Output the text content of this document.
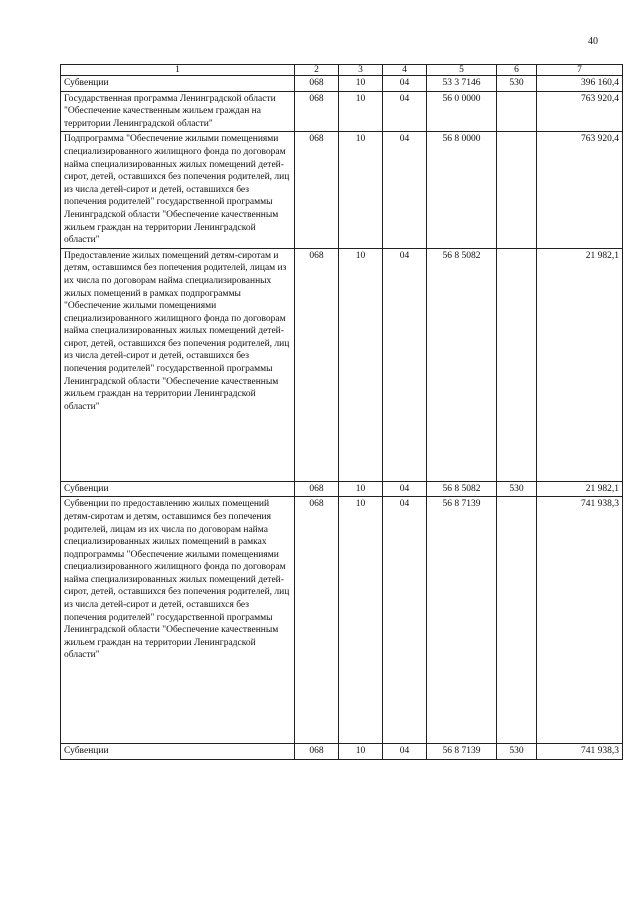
40
1	2	3	4	5	6	7
Субвенции	068	10	04	53 3 7146	530	396 160,4
Государственная программа Ленинградской области "Обеспечение качественным жильем граждан на территории Ленинградской области"	068	10	04	56 0 0000		763 920,4
Подпрограмма "Обеспечение жилыми помещениями специализированного жилищного фонда по договорам найма специализированных жилых помещений детей-сирот, детей, оставшихся без попечения родителей, лиц из числа детей-сирот и детей, оставшихся без попечения родителей" государственной программы Ленинградской области "Обеспечение качественным жильем граждан на территории Ленинградской области"	068	10	04	56 8 0000		763 920,4
Предоставление жилых помещений детям-сиротам и детям, оставшимся без попечения родителей, лицам из их числа по договорам найма специализированных жилых помещений в рамках подпрограммы "Обеспечение жилыми помещениями специализированного жилищного фонда по договорам найма специализированных жилых помещений детей-сирот, детей, оставшихся без попечения родителей, лиц из числа детей-сирот и детей, оставшихся без попечения родителей" государственной программы Ленинградской области "Обеспечение качественным жильем граждан на территории Ленинградской области"	068	10	04	56 8 5082		21 982,1
Субвенции	068	10	04	56 8 5082	530	21 982,1
Субвенции по предоставлению жилых помещений детям-сиротам и детям, оставшимся без попечения родителей, лицам из их числа по договорам найма специализированных жилых помещений в рамках подпрограммы "Обеспечение жилыми помещениями специализированного жилищного фонда по договорам найма специализированных жилых помещений детей-сирот, детей, оставшихся без попечения родителей, лиц из числа детей-сирот и детей, оставшихся без попечения родителей" государственной программы Ленинградской области "Обеспечение качественным жильем граждан на территории Ленинградской области"	068	10	04	56 8 7139		741 938,3
Субвенции	068	10	04	56 8 7139	530	741 938,3
